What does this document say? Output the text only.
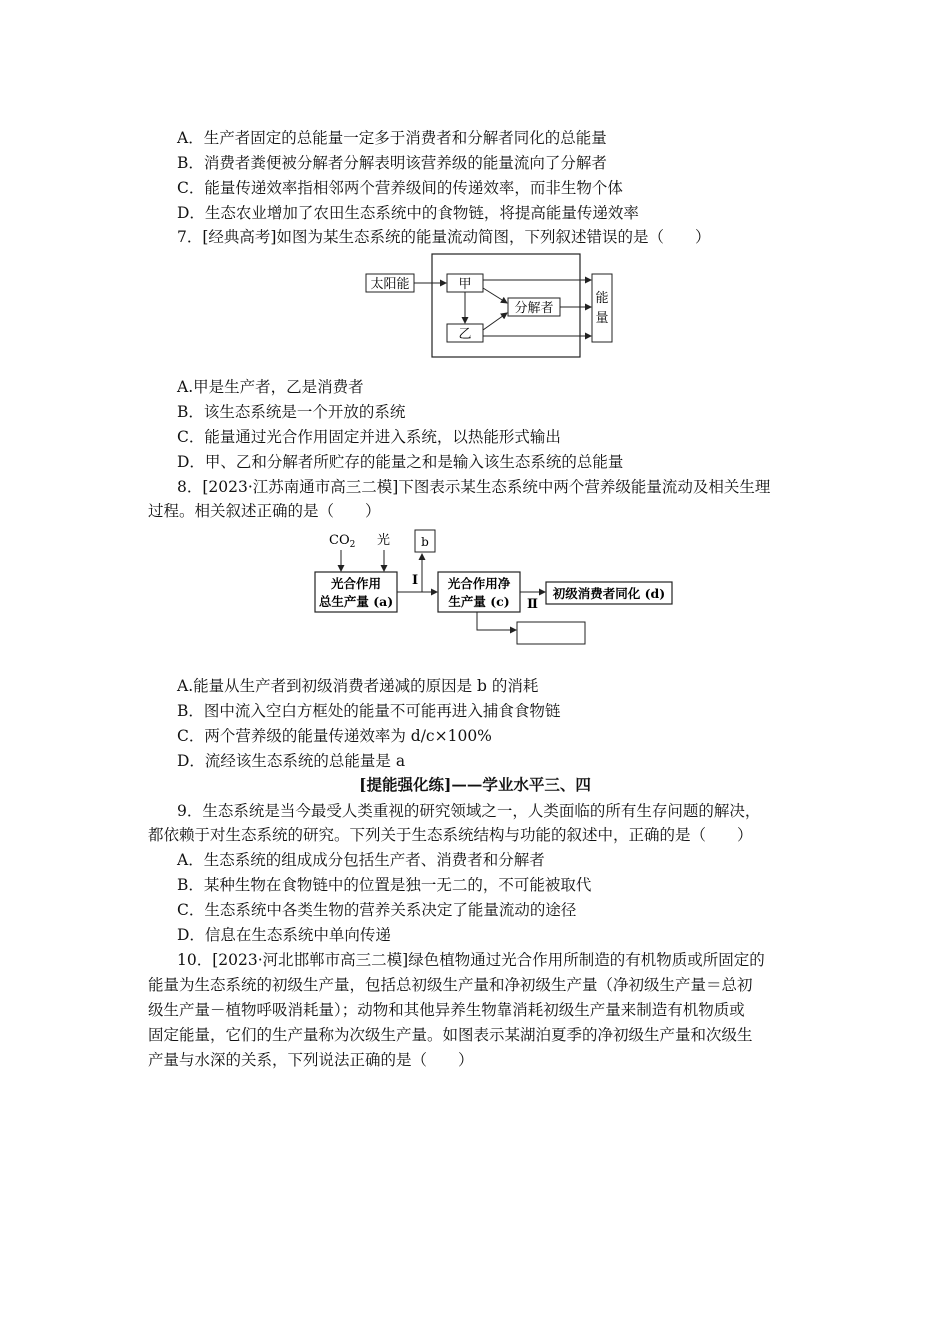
A．生产者固定的总能量一定多于消费者和分解者同化的总能量
B．消费者粪便被分解者分解表明该营养级的能量流向了分解者
C．能量传递效率指相邻两个营养级间的传递效率，而非生物个体
D．生态农业增加了农田生态系统中的食物链，将提高能量传递效率
7．[经典高考]如图为某生态系统的能量流动简图，下列叙述错误的是（　　）
太阳能	甲
乙
分解者
能
量
A.甲是生产者，乙是消费者
B．该生态系统是一个开放的系统
C．能量通过光合作用固定并进入系统，以热能形式输出
D．甲、乙和分解者所贮存的能量之和是输入该生态系统的总能量
8．[2023·江苏南通市高三二模]下图表示某生态系统中两个营养级能量流动及相关生理
过程。相关叙述正确的是（　　）
$CO_2$ 光
光合作用
总生产量 (a)
Ⅰ
b
光合作用净
生产量 (c) Ⅱ
初级消费者同化 (d)
A.能量从生产者到初级消费者递减的原因是 b 的消耗
B．图中流入空白方框处的能量不可能再进入捕食食物链
C．两个营养级的能量传递效率为 d/c×100%
D．流经该生态系统的总能量是 a
[提能强化练]——学业水平三、四
9．生态系统是当今最受人类重视的研究领域之一，人类面临的所有生存问题的解决，
都依赖于对生态系统的研究。下列关于生态系统结构与功能的叙述中，正确的是（　　）
A．生态系统的组成成分包括生产者、消费者和分解者
B．某种生物在食物链中的位置是独一无二的，不可能被取代
C．生态系统中各类生物的营养关系决定了能量流动的途径
D．信息在生态系统中单向传递
10．[2023·河北邯郸市高三二模]绿色植物通过光合作用所制造的有机物质或所固定的
能量为生态系统的初级生产量，包括总初级生产量和净初级生产量（净初级生产量＝总初
级生产量－植物呼吸消耗量）；动物和其他异养生物靠消耗初级生产量来制造有机物质或
固定能量，它们的生产量称为次级生产量。如图表示某湖泊夏季的净初级生产量和次级生
产量与水深的关系，下列说法正确的是（　　）
